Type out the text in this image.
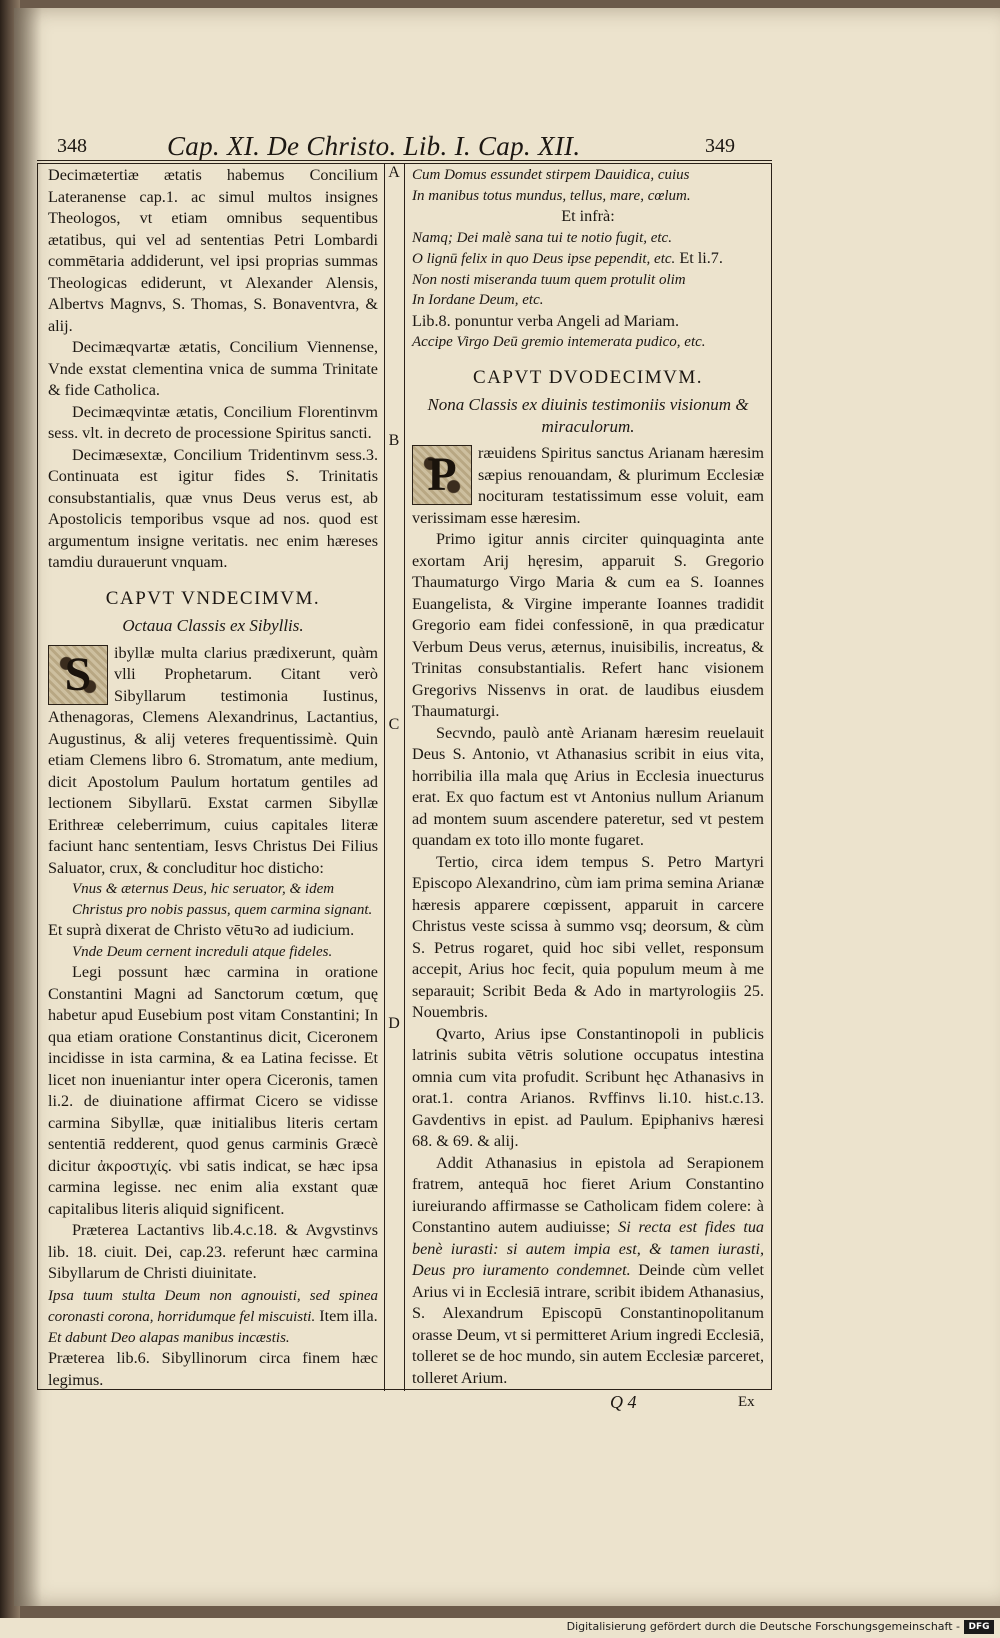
348	Cap. XI. De Christo. Lib. I. Cap. XII.	349
A
B
C
D

Decimætertiæ ætatis habemus Concilium Lateranense cap.1. ac simul multos insignes Theologos, vt etiam omnibus sequentibus ætatibus, qui vel ad sententias Petri Lombardi commētaria addiderunt, vel ipsi proprias summas Theologicas ediderunt, vt Alexander Alensis, Albertvs Magnvs, S. Thomas, S. Bonaventvra, & alij.

Decimæqvartæ ætatis, Concilium Viennense, Vnde exstat clementina vnica de summa Trinitate & fide Catholica.

Decimæqvintæ ætatis, Concilium Florentinvm sess. vlt. in decreto de processione Spiritus sancti.

Decimæsextæ, Concilium Tridentinvm sess.3. Continuata est igitur fides S. Trinitatis consubstantialis, quæ vnus Deus verus est, ab Apostolicis temporibus vsque ad nos. quod est argumentum insigne veritatis. nec enim hæreses tamdiu durauerunt vnquam.

CAPVT VNDECIMVM.
Octaua Classis ex Sibyllis.
S	ibyllæ multa clarius prædixerunt, quàm vlli Prophetarum. Citant verò Sibyllarum testimonia Iustinus, Athenagoras, Clemens Alexandrinus, Lactantius, Augustinus, & alij veteres frequentissimè. Quin etiam Clemens libro 6. Stromatum, ante medium, dicit Apostolum Paulum hortatum gentiles ad lectionem Sibyllarū. Exstat carmen Sibyllæ Erithreæ celeberrimum, cuius capitales literæ faciunt hanc sententiam, Iesvs Christus Dei Filius Saluator, crux, & concluditur hoc disticho:

Vnus & æternus Deus, hic seruator, & idem

Christus pro nobis passus, quem carmina signant.

Et suprà dixerat de Christo vētuꝛo ad iudicium.

Vnde Deum cernent increduli atque fideles.

Legi possunt hæc carmina in oratione Constantini Magni ad Sanctorum cœtum, quę habetur apud Eusebium post vitam Constantini; In qua etiam oratione Constantinus dicit, Ciceronem incidisse in ista carmina, & ea Latina fecisse. Et licet non inueniantur inter opera Ciceronis, tamen li.2. de diuinatione affirmat Cicero se vidisse carmina Sibyllæ, quæ initialibus literis certam sententiā redderent, quod genus carminis Græcè dicitur ἀκροστιχίς. vbi satis indicat, se hæc ipsa carmina legisse. nec enim alia exstant quæ capitalibus literis aliquid significent.

Præterea Lactantivs lib.4.c.18. & Avgvstinvs lib. 18. ciuit. Dei, cap.23. referunt hæc carmina Sibyllarum de Christi diuinitate.

Ipsa tuum stulta Deum non agnouisti, sed spinea coronasti corona, horridumque fel miscuisti. Item illa.

Et dabunt Deo alapas manibus incæstis.

Præterea lib.6. Sibyllinorum circa finem hæc legimus.

Cum Domus essundet stirpem Dauidica, cuius

In manibus totus mundus, tellus, mare, cœlum.

Et infrà:

Namq; Dei malè sana tui te notio fugit, etc.

O lignū felix in quo Deus ipse pependit, etc. Et li.7.

Non nosti miseranda tuum quem protulit olim

In Iordane Deum, etc.

Lib.8. ponuntur verba Angeli ad Mariam.

Accipe Virgo Deū gremio intemerata pudico, etc.

CAPVT DVODECIMVM.
Nona Classis ex diuinis testimoniis visionum & miraculorum.
P	ræuidens Spiritus sanctus Arianam hæresim sæpius renouandam, & plurimum Ecclesiæ nocituram testatissimum esse voluit, eam verissimam esse hæresim.

Primo igitur annis circiter quinquaginta ante exortam Arij hęresim, apparuit S. Gregorio Thaumaturgo Virgo Maria & cum ea S. Ioannes Euangelista, & Virgine imperante Ioannes tradidit Gregorio eam fidei confessionē, in qua prædicatur Verbum Deus verus, æternus, inuisibilis, increatus, & Trinitas consubstantialis. Refert hanc visionem Gregorivs Nissenvs in orat. de laudibus eiusdem Thaumaturgi.

Secvndo, paulò antè Arianam hæresim reuelauit Deus S. Antonio, vt Athanasius scribit in eius vita, horribilia illa mala quę Arius in Ecclesia inuecturus erat. Ex quo factum est vt Antonius nullum Arianum ad montem suum ascendere pateretur, sed vt pestem quandam ex toto illo monte fugaret.

Tertio, circa idem tempus S. Petro Martyri Episcopo Alexandrino, cùm iam prima semina Arianæ hæresis apparere cœpissent, apparuit in carcere Christus veste scissa à summo vsq; deorsum, & cùm S. Petrus rogaret, quid hoc sibi vellet, responsum accepit, Arius hoc fecit, quia populum meum à me separauit; Scribit Beda & Ado in martyrologiis 25. Nouembris.

Qvarto, Arius ipse Constantinopoli in publicis latrinis subita vētris solutione occupatus intestina omnia cum vita profudit. Scribunt hęc Athanasivs in orat.1. contra Arianos. Rvffinvs li.10. hist.c.13. Gavdentivs in epist. ad Paulum. Epiphanivs hæresi 68. & 69. & alij.

Addit Athanasius in epistola ad Serapionem fratrem, antequā hoc fieret Arium Constantino iureiurando affirmasse se Catholicam fidem colere: à Constantino autem audiuisse; Si recta est fides tua benè iurasti: si autem impia est, & tamen iurasti, Deus pro iuramento condemnet. Deinde cùm vellet Arius vi in Ecclesiā intrare, scribit ibidem Athanasius, S. Alexandrum Episcopū Constantinopolitanum orasse Deum, vt si permitteret Arium ingredi Ecclesiā, tolleret se de hoc mundo, sin autem Ecclesiæ parceret, tolleret Arium.

Q 4	Ex
Digitalisierung gefördert durch die Deutsche Forschungsgemeinschaft - DFG
